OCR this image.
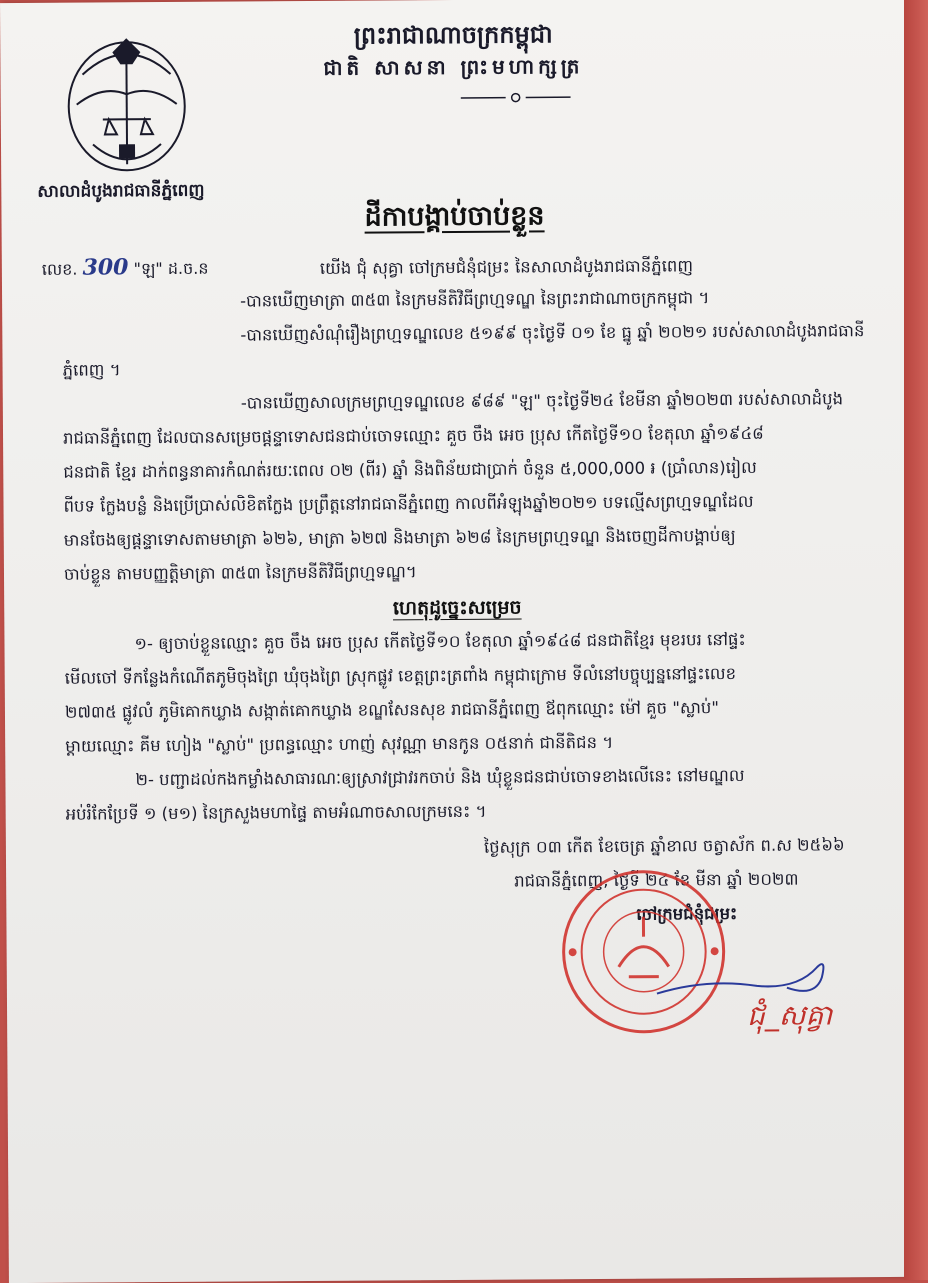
សាលាដំបូងរាជធានីភ្នំពេញ
ព្រះរាជាណាចក្រកម្ពុជា
ជាតិ សាសនា ព្រះមហាក្សត្រ
ដីកាបង្គាប់ចាប់ខ្លួន
លេខ. 300 "ឡ" ដ.ច.ន	យើង ជុំ សុគ្វា ចៅក្រមជំនុំជម្រះ នៃសាលាដំបូងរាជធានីភ្នំពេញ
-បានឃើញមាត្រា ៣៥៣ នៃក្រមនីតិវិធីព្រហ្មទណ្ឌ នៃព្រះរាជាណាចក្រកម្ពុជា ។
-បានឃើញសំណុំរឿងព្រហ្មទណ្ឌលេខ ៥១៩៩ ចុះថ្ងៃទី ០១ ខែ ធ្នូ ឆ្នាំ ២០២១ របស់សាលាដំបូងរាជធានី
ភ្នំពេញ ។
-បានឃើញសាលក្រមព្រហ្មទណ្ឌលេខ ៩៨៩ "ឡ" ចុះថ្ងៃទី២៤ ខែមីនា ឆ្នាំ២០២៣ របស់សាលាដំបូង
រាជធានីភ្នំពេញ ដែលបានសម្រេចផ្តន្ទាទោសជនជាប់ចោទឈ្មោះ គួច ចឹង អេច ប្រុស កើតថ្ងៃទី១០ ខែតុលា ឆ្នាំ១៩៤៨
ជនជាតិ ខ្មែរ ដាក់ពន្ធនាគារកំណត់រយៈពេល ០២ (ពីរ) ឆ្នាំ និងពិន័យជាប្រាក់ ចំនួន ៥,000,000 ៛ (ប្រាំលាន)រៀល
ពីបទ ក្លែងបន្លំ និងប្រើប្រាស់លិខិតក្លែង ប្រព្រឹត្តនៅរាជធានីភ្នំពេញ កាលពីអំឡុងឆ្នាំ២០២១ បទល្មើសព្រហ្មទណ្ឌដែល
មានចែងឲ្យផ្តន្ទាទោសតាមមាត្រា ៦២៦, មាត្រា ៦២៧ និងមាត្រា ៦២៨ នៃក្រមព្រហ្មទណ្ឌ និងចេញដីកាបង្គាប់ឲ្យ
ចាប់ខ្លួន តាមបញ្ញត្តិមាត្រា ៣៥៣ នៃក្រមនីតិវិធីព្រហ្មទណ្ឌ។
ហេតុដូច្នេះសម្រេច
១- ឲ្យចាប់ខ្លួនឈ្មោះ គួច ចឹង អេច ប្រុស កើតថ្ងៃទី១០ ខែតុលា ឆ្នាំ១៩៤៨ ជនជាតិខ្មែរ មុខរបរ នៅផ្ទះ
មើលចៅ ទីកន្លែងកំណើតភូមិចុងព្រៃ ឃុំចុងព្រៃ ស្រុកផ្លូវ ខេត្តព្រះត្រពាំង កម្ពុជាក្រោម ទីលំនៅបច្ចុប្បន្ននៅផ្ទះលេខ
២៧៣៥ ផ្លូវលំ ភូមិគោកឃ្លាង សង្កាត់គោកឃ្លាង ខណ្ឌសែនសុខ រាជធានីភ្នំពេញ ឪពុកឈ្មោះ ម៉ៅ គួច "ស្លាប់"
ម្តាយឈ្មោះ គីម ហៀង "ស្លាប់" ប្រពន្ធឈ្មោះ ហាញ់ សុវណ្ណា មានកូន ០៥នាក់ ជានីតិជន ។
២- បញ្ជាដល់កងកម្លាំងសាធារណៈឲ្យស្រាវជ្រាវរកចាប់ និង ឃុំខ្លួនជនជាប់ចោទខាងលើនេះ នៅមណ្ឌល
អប់រំកែប្រែទី ១ (ម១) នៃក្រសួងមហាផ្ទៃ តាមអំណាចសាលក្រមនេះ ។
ថ្ងៃសុក្រ ០៣ កើត ខែចេត្រ ឆ្នាំខាល ចត្វាស័ក ព.ស ២៥៦៦
រាជធានីភ្នំពេញ, ថ្ងៃទី ២៤ ខែ មីនា ឆ្នាំ ២០២៣
ចៅក្រមជំនុំជម្រះ
ជុំ_សុគ្វា
